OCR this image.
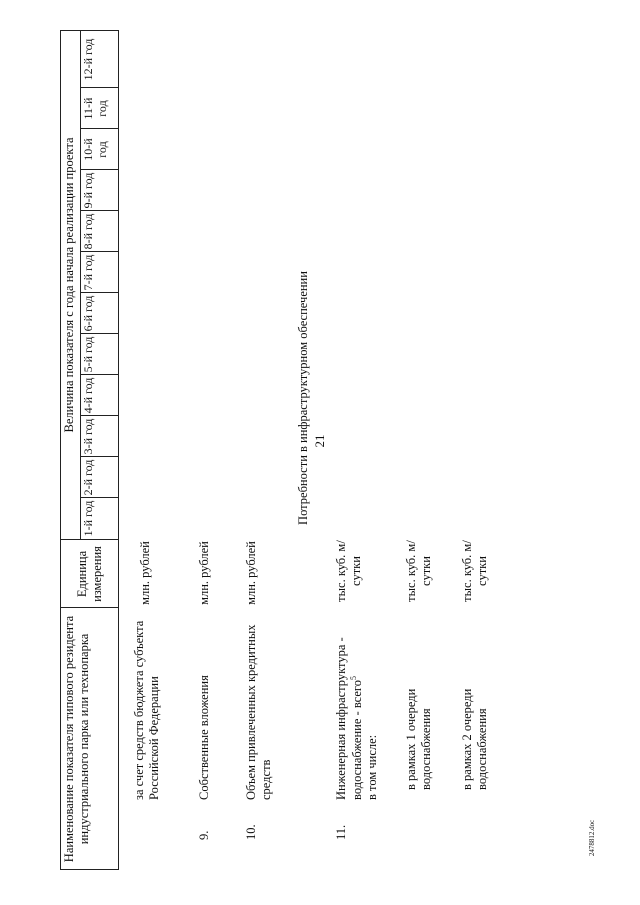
21
2478812.doc
Наименование показателя типового резидента индустриального парка или технопарка
Единица измерения
Величина показателя с года начала реализации проекта
1-й год
2-й год
3-й год
4-й год
5-й год
6-й год
7-й год
8-й год
9-й год
10-й год
11-й год
12-й год
за счет средств бюджета субъекта Российской Федерации
млн. рублей
9.
Собственные вложения
млн. рублей
10.
Объем привлеченных кредитных средств
млн. рублей
Потребности в инфраструктурном обеспечении
11.
Инженерная инфраструктура - водоснабжение - всего$^5$
в том числе:
тыс. куб. м/ сутки
в рамках 1 очереди водоснабжения
тыс. куб. м/ сутки
в рамках 2 очереди водоснабжения
тыс. куб. м/ сутки
